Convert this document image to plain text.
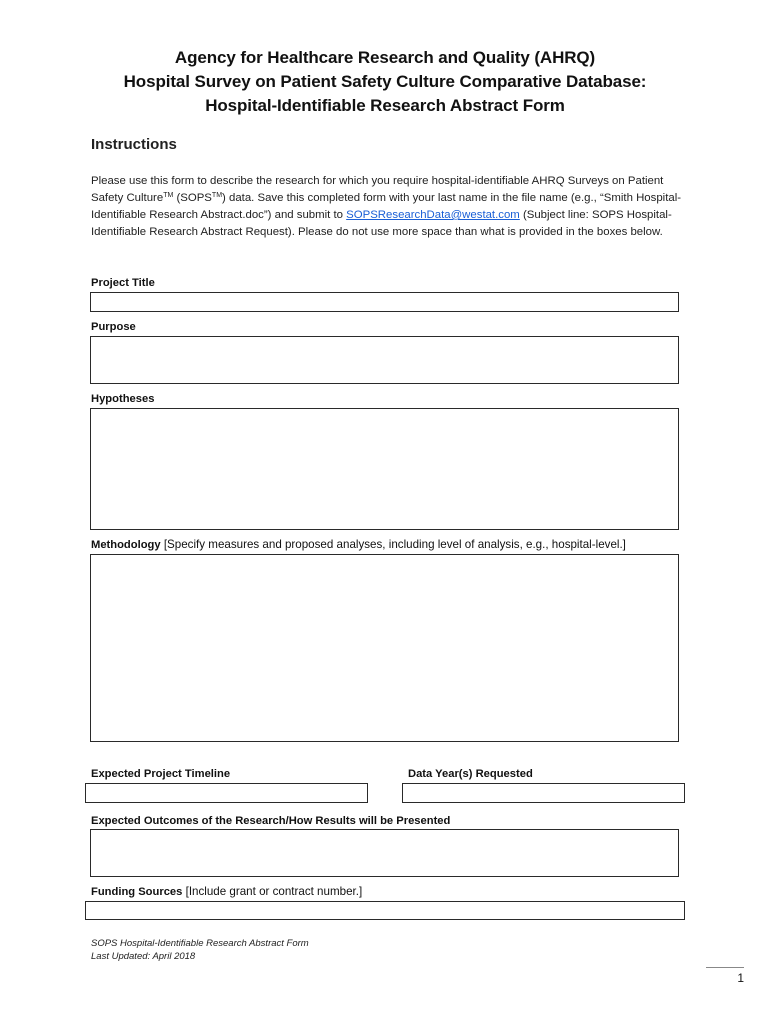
Agency for Healthcare Research and Quality (AHRQ)
Hospital Survey on Patient Safety Culture Comparative Database:
Hospital-Identifiable Research Abstract Form
Instructions
Please use this form to describe the research for which you require hospital-identifiable AHRQ Surveys on Patient Safety Culture™ (SOPS™) data. Save this completed form with your last name in the file name (e.g., “Smith Hospital-Identifiable Research Abstract.doc”) and submit to SOPSResearchData@westat.com (Subject line: SOPS Hospital-Identifiable Research Abstract Request). Please do not use more space than what is provided in the boxes below.
Project Title
Purpose
Hypotheses
Methodology [Specify measures and proposed analyses, including level of analysis, e.g., hospital-level.]
Expected Project Timeline	Data Year(s) Requested
Expected Outcomes of the Research/How Results will be Presented
Funding Sources [Include grant or contract number.]
SOPS Hospital-Identifiable Research Abstract Form
Last Updated: April 2018
1
